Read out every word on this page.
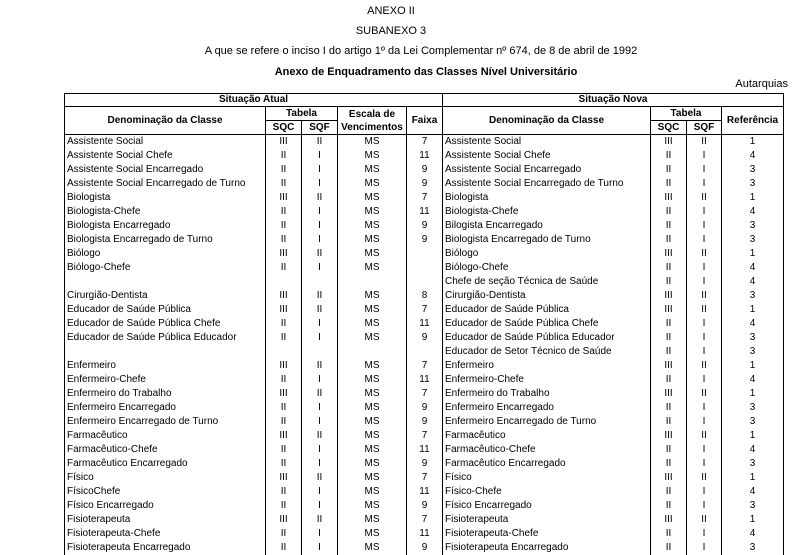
ANEXO II
SUBANEXO 3
A que se refere o inciso I do artigo 1º da Lei Complementar nº 674, de 8 de abril de 1992
Anexo de Enquadramento das Classes Nível Universitário
Autarquias
Situação Atual					Situação Nova			
Denominação da Classe	Tabela		Escala de Vencimentos	Faixa	Denominação da Classe	Tabela		Referência
	SQC	SQF				SQC	SQF	
Assistente Social	III	II	MS	7	Assistente Social	III	II	1
Assistente Social Chefe	II	I	MS	11	Assistente Social Chefe	II	I	4
Assistente Social Encarregado	II	I	MS	9	Assistente Social Encarregado	II	I	3
Assistente Social Encarregado de Turno	II	I	MS	9	Assistente Social Encarregado de Turno	II	I	3
Biologista	III	II	MS	7	Biologista	III	II	1
Biologista-Chefe	II	I	MS	11	Biologista-Chefe	II	I	4
Biologista Encarregado	II	I	MS	9	Bilogista Encarregado	II	I	3
Biologista Encarregado de Turno	II	I	MS	9	Biologista Encarregado de Turno	II	I	3
Biólogo	III	II	MS		Biólogo	III	II	1
Biólogo-Chefe	II	I	MS		Biólogo-Chefe	II	I	4
					Chefe de seção Técnica de Saúde	II	I	4
Cirurgião-Dentista	III	II	MS	8	Cirurgião-Dentista	III	II	3
Educador de Saúde Pública	III	II	MS	7	Educador de Saúde Pública	III	II	1
Educador de Saúde Pública Chefe	II	I	MS	11	Educador de Saúde Pública Chefe	II	I	4
Educador de Saúde Pública Educador	II	I	MS	9	Educador de Saúde Pública Educador	II	I	3
					Educador de Setor Técnico de Saúde	II	I	3
Enfermeiro	III	II	MS	7	Enfermeiro	III	II	1
Enfermeiro-Chefe	II	I	MS	11	Enfermeiro-Chefe	II	I	4
Enfermeiro do Trabalho	III	II	MS	7	Enfermeiro do Trabalho	III	II	1
Enfermeiro Encarregado	II	I	MS	9	Enfermeiro Encarregado	II	I	3
Enfermeiro Encarregado de Turno	II	I	MS	9	Enfermeiro Encarregado de Turno	II	I	3
Farmacêutico	III	II	MS	7	Farmacêutico	III	II	1
Farmacêutico-Chefe	II	I	MS	11	Farmacêutico-Chefe	II	I	4
Farmacêutico Encarregado	II	I	MS	9	Farmacêutico Encarregado	II	I	3
Físico	III	II	MS	7	Físico	III	II	1
FísicoChefe	II	I	MS	11	Físico-Chefe	II	I	4
Físico Encarregado	II	I	MS	9	Físico Encarregado	II	I	3
Fisioterapeuta	III	II	MS	7	Fisioterapeuta	III	II	1
Fisioterapeuta-Chefe	II	I	MS	11	Fisioterapeuta-Chefe	II	I	4
Fisioterapeuta Encarregado	II	I	MS	9	Fisioterapeuta Encarregado	II	I	3
